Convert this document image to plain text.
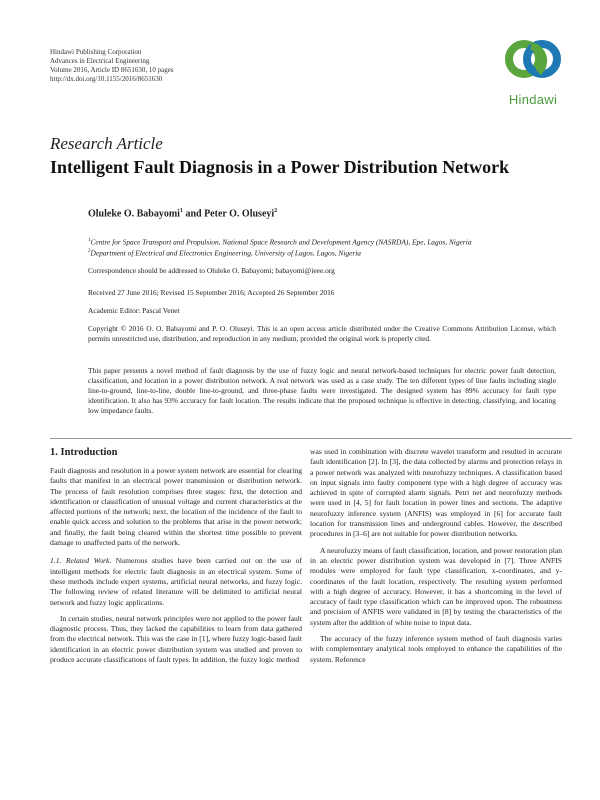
Hindawi Publishing Corporation
Advances in Electrical Engineering
Volume 2016, Article ID 8651630, 10 pages
http://dx.doi.org/10.1155/2016/8651630
Hindawi
Research Article
Intelligent Fault Diagnosis in a Power Distribution Network
Oluleke O. Babayomi$^1$ and Peter O. Oluseyi$^2$

$^1$Centre for Space Transport and Propulsion, National Space Research and Development Agency (NASRDA), Epe, Lagos, Nigeria

$^2$Department of Electrical and Electronics Engineering, University of Lagos, Lagos, Nigeria

Correspondence should be addressed to Oluleke O. Babayomi; babayomi@ieee.org
Received 27 June 2016; Revised 15 September 2016; Accepted 26 September 2016
Academic Editor: Pascal Venet
Copyright © 2016 O. O. Babayomi and P. O. Oluseyi. This is an open access article distributed under the Creative Commons Attribution License, which permits unrestricted use, distribution, and reproduction in any medium, provided the original work is properly cited.
This paper presents a novel method of fault diagnosis by the use of fuzzy logic and neural network-based techniques for electric power fault detection, classification, and location in a power distribution network. A real network was used as a case study. The ten different types of line faults including single line-to-ground, line-to-line, double line-to-ground, and three-phase faults were investigated. The designed system has 89% accuracy for fault type identification. It also has 93% accuracy for fault location. The results indicate that the proposed technique is effective in detecting, classifying, and locating low impedance faults.
1. Introduction

Fault diagnosis and resolution in a power system network are essential for clearing faults that manifest in an electrical power transmission or distribution network. The process of fault resolution comprises three stages: first, the detection and identification or classification of unusual voltage and current characteristics at the affected portions of the network; next, the location of the incidence of the fault to enable quick access and solution to the problems that arise in the power network; and finally, the fault being cleared within the shortest time possible to prevent damage to unaffected parts of the network.

1.1. Related Work. Numerous studies have been carried out on the use of intelligent methods for electric fault diagnosis in an electrical system. Some of these methods include expert systems, artificial neural networks, and fuzzy logic. The following review of related literature will be delimited to artificial neural network and fuzzy logic applications.

In certain studies, neural network principles were not applied to the power fault diagnostic process. Thus, they lacked the capabilities to learn from data gathered from the electrical network. This was the case in [1], where fuzzy logic-based fault identification in an electric power distribution system was studied and proven to produce accurate classifications of fault types. In addition, the fuzzy logic method

was used in combination with discrete wavelet transform and resulted in accurate fault identification [2]. In [3], the data collected by alarms and protection relays in a power network was analyzed with neurofuzzy techniques. A classification based on input signals into faulty component type with a high degree of accuracy was achieved in spite of corrupted alarm signals. Petri net and neurofuzzy methods were used in [4, 5] for fault location in power lines and sections. The adaptive neurofuzzy inference system (ANFIS) was employed in [6] for accurate fault location for transmission lines and underground cables. However, the described procedures in [3–6] are not suitable for power distribution networks.

A neurofuzzy means of fault classification, location, and power restoration plan in an electric power distribution system was developed in [7]. Three ANFIS modules were employed for fault type classification, x-coordinates, and y-coordinates of the fault location, respectively. The resulting system performed with a high degree of accuracy. However, it has a shortcoming in the level of accuracy of fault type classification which can be improved upon. The robustness and precision of ANFIS were validated in [8] by testing the characteristics of the system after the addition of white noise to input data.

The accuracy of the fuzzy inference system method of fault diagnosis varies with complementary analytical tools employed to enhance the capabilities of the system. Reference
